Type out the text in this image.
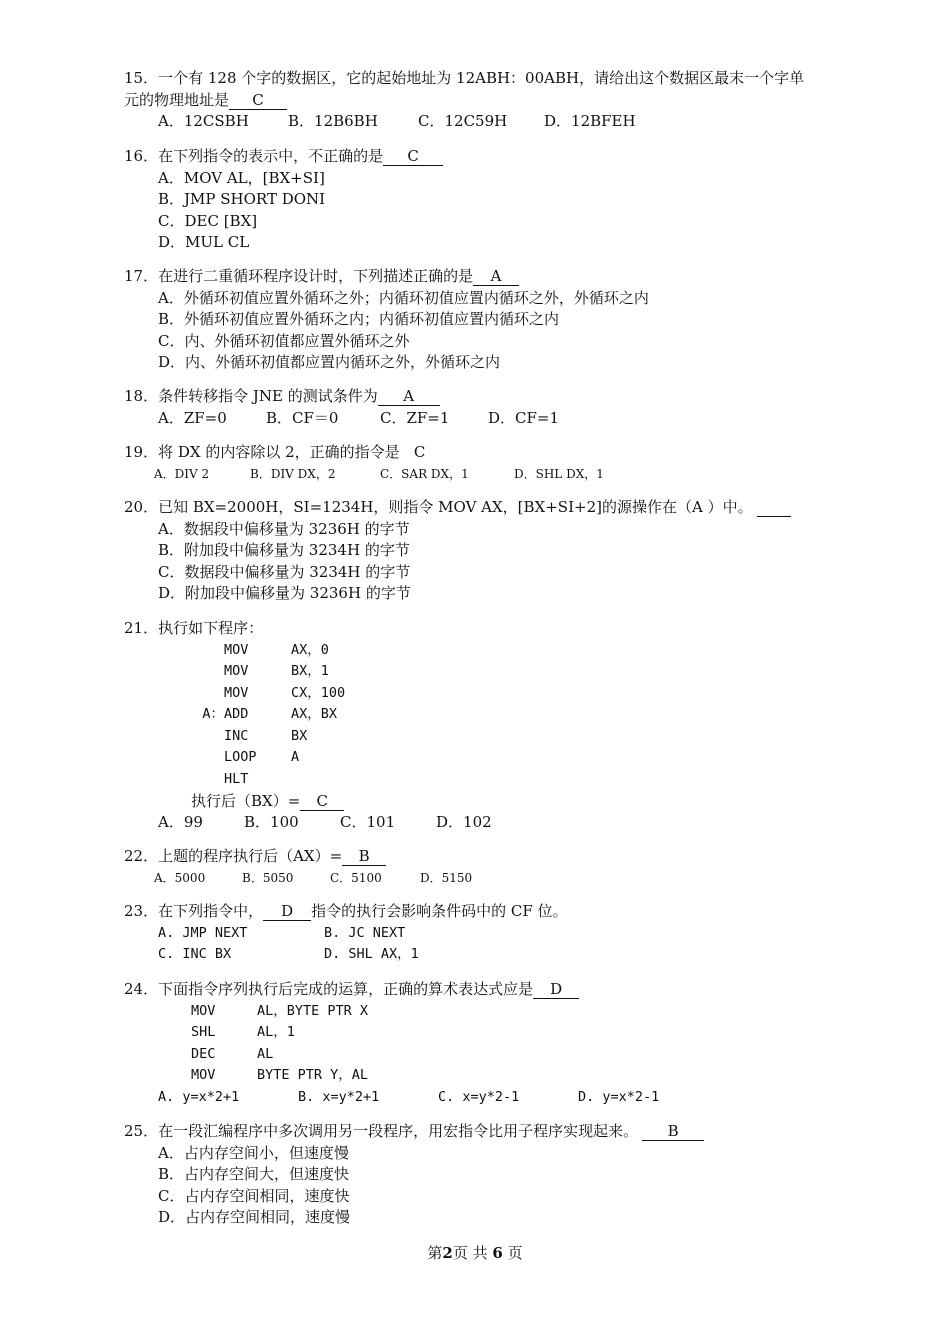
15．一个有 128 个字的数据区，它的起始地址为 12ABH：00ABH，请给出这个数据区最末一个字单
元的物理地址是 C
A．12CSBH	B．12B6BH	C．12C59H D．12BFEH
16．在下列指令的表示中，不正确的是 C
A．MOV AL，[BX+SI]
B．JMP SHORT DONI
C．DEC [BX]
D．MUL CL
17．在进行二重循环程序设计时，下列描述正确的是 A
A．外循环初值应置外循环之外；内循环初值应置内循环之外，外循环之内
B．外循环初值应置外循环之内；内循环初值应置内循环之内
C．内、外循环初值都应置外循环之外
D．内、外循环初值都应置内循环之外，外循环之内
18．条件转移指令 JNE 的测试条件为 A
A．ZF=0	B．CF＝0	C．ZF=1	D．CF=1
19．将 DX 的内容除以 2，正确的指令是 C
A．DIV 2	B．DIV DX，2	C．SAR DX，1	D．SHL DX，1
20．已知 BX=2000H，SI=1234H，则指令 MOV AX，[BX+SI+2]的源操作在（A ）中。
A．数据段中偏移量为 3236H 的字节
B．附加段中偏移量为 3234H 的字节
C．数据段中偏移量为 3234H 的字节
D．附加段中偏移量为 3236H 的字节
21．执行如下程序：
MOV	AX，0
MOV	BX，1
MOV	CX，100
A：ADD	AX，BX
INC	BX
LOOP	A
HLT
执行后（BX）= C
A．99	B．100	C．101	D．102
22．上题的程序执行后（AX）= B
A．5000	B．5050	C．5100	D．5150
23．在下列指令中， D 指令的执行会影响条件码中的 CF 位。
A. JMP NEXT	B. JC NEXT
C. INC BX	D. SHL AX，1
24．下面指令序列执行后完成的运算，正确的算术表达式应是 D
MOV	AL，BYTE PTR X
SHL	AL，1
DEC	AL
MOV	BYTE PTR Y，AL
A. y=x*2+1	B. x=y*2+1	C. x=y*2-1	D. y=x*2-1
25．在一段汇编程序中多次调用另一段程序，用宏指令比用子程序实现起来。 B
A．占内存空间小，但速度慢
B．占内存空间大，但速度快
C．占内存空间相同，速度快
D．占内存空间相同，速度慢
第2页 共 6 页
